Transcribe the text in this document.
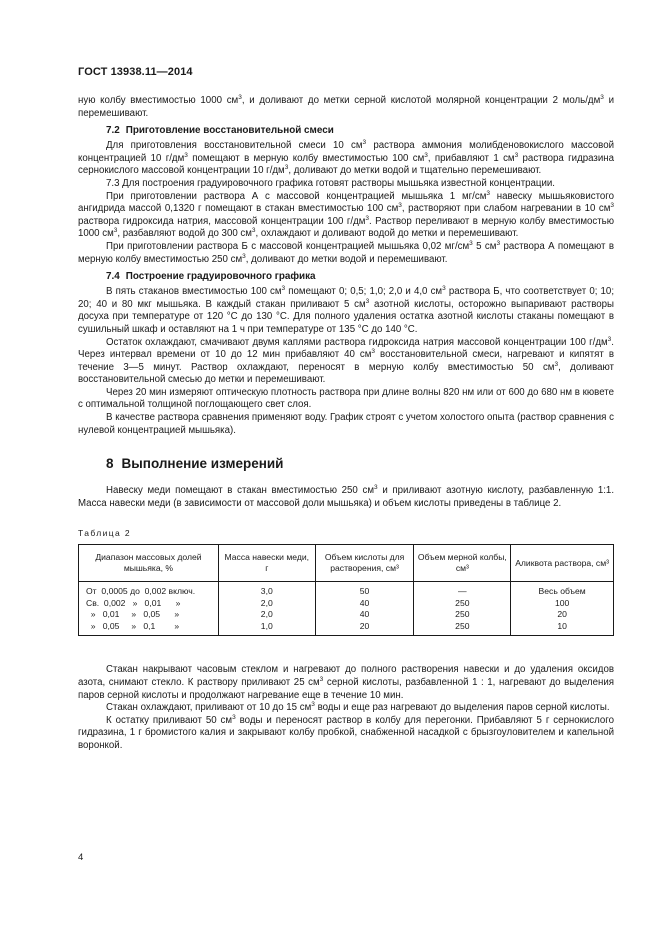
ГОСТ 13938.11—2014

ную колбу вместимостью 1000 $см^3$, и доливают до метки серной кислотой молярной концентрации 2 моль/$дм^3$ и перемешивают.

7.2 Приготовление восстановительной смеси

Для приготовления восстановительной смеси 10 $см^3$ раствора аммония молибденовокислого массовой концентрацией 10 $г/дм^3$ помещают в мерную колбу вместимостью 100 $см^3$, прибавляют 1 $см^3$ раствора гидразина сернокислого массовой концентрации 10 $г/дм^3$, доливают до метки водой и тщательно перемешивают.

7.3 Для построения градуировочного графика готовят растворы мышьяка известной концентрации.

При приготовлении раствора А с массовой концентрацией мышьяка 1 $мг/см^3$ навеску мышьяковистого ангидрида массой 0,1320 г помещают в стакан вместимостью 100 $см^3$, растворяют при слабом нагревании в 10 $см^3$ раствора гидроксида натрия, массовой концентрации 100 $г/дм^3$. Раствор переливают в мерную колбу вместимостью 1000 $см^3$, разбавляют водой до 300 $см^3$, охлаждают и доливают водой до метки и перемешивают.

При приготовлении раствора Б с массовой концентрацией мышьяка 0,02 $мг/см^3$ 5 $см^3$ раствора А помещают в мерную колбу вместимостью 250 $см^3$, доливают до метки водой и перемешивают.

7.4 Построение градуировочного графика

В пять стаканов вместимостью 100 $см^3$ помещают 0; 0,5; 1,0; 2,0 и 4,0 $см^3$ раствора Б, что соответствует 0; 10; 20; 40 и 80 мкг мышьяка. В каждый стакан приливают 5 $см^3$ азотной кислоты, осторожно выпаривают растворы досуха при температуре от 120 °С до 130 °С. Для полного удаления остатка азотной кислоты стаканы помещают в сушильный шкаф и оставляют на 1 ч при температуре от 135 °С до 140 °С.

Остаток охлаждают, смачивают двумя каплями раствора гидроксида натрия массовой концентрации 100 $г/дм^3$. Через интервал времени от 10 до 12 мин прибавляют 40 $см^3$ восстановительной смеси, нагревают и кипятят в течение 3—5 минут. Раствор охлаждают, переносят в мерную колбу вместимостью 50 $см^3$, доливают восстановительной смесью до метки и перемешивают.

Через 20 мин измеряют оптическую плотность раствора при длине волны 820 нм или от 600 до 680 нм в кювете с оптимальной толщиной поглощающего свет слоя.

В качестве раствора сравнения применяют воду. График строят с учетом холостого опыта (раствор сравнения с нулевой концентрацией мышьяка).

8 Выполнение измерений

Навеску меди помещают в стакан вместимостью 250 $см^3$ и приливают азотную кислоту, разбавленную 1:1. Масса навески меди (в зависимости от массовой доли мышьяка) и объем кислоты приведены в таблице 2.

Таблица 2
Диапазон массовых долей мышьяка, %	Масса навески меди, г	Объем кислоты для растворения, см³	Объем мерной колбы, см³	Аликвота раствора, см³
От  0,0005 до  0,002 включ.	3,0	50	—	Весь объем
Св.  0,002   »   0,01      »	2,0	40	250	100
»   0,01     »   0,05      »	2,0	40	250	20
»   0,05     »   0,1        »	1,0	20	250	10

Стакан накрывают часовым стеклом и нагревают до полного растворения навески и до удаления оксидов азота, снимают стекло. К раствору приливают 25 $см^3$ серной кислоты, разбавленной 1 : 1, нагревают до выделения паров серной кислоты и продолжают нагревание еще в течение 10 мин.

Стакан охлаждают, приливают от 10 до 15 $см^3$ воды и еще раз нагревают до выделения паров серной кислоты.

К остатку приливают 50 $см^3$ воды и переносят раствор в колбу для перегонки. Прибавляют 5 г сернокислого гидразина, 1 г бромистого калия и закрывают колбу пробкой, снабженной насадкой с брызгоуловителем и капельной воронкой.

4
